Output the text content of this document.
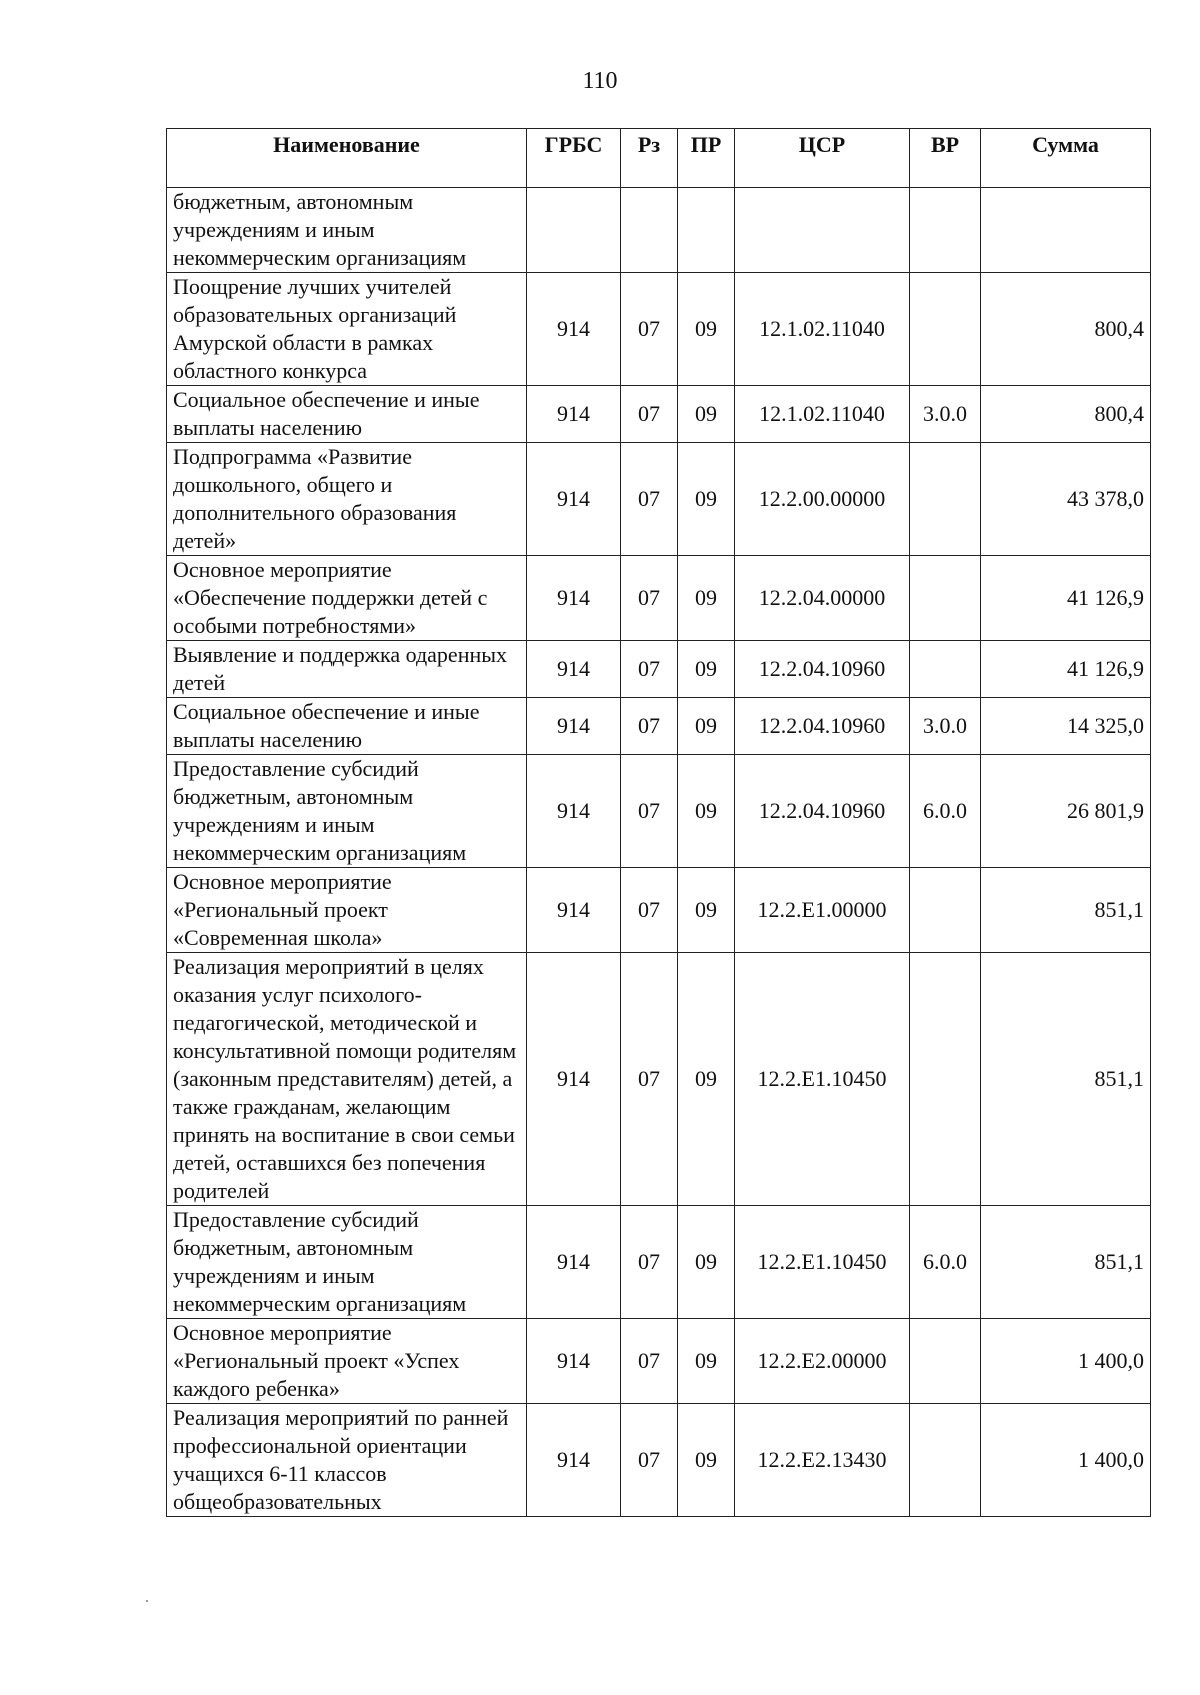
110
Наименование	ГРБС	Рз	ПР	ЦСР	ВР	Сумма
бюджетным, автономным учреждениям и иным некоммерческим организациям						
Поощрение лучших учителей образовательных организаций Амурской области в рамках областного конкурса	914	07	09	12.1.02.11040		800,4
Социальное обеспечение и иные выплаты населению	914	07	09	12.1.02.11040	3.0.0	800,4
Подпрограмма «Развитие дошкольного, общего и дополнительного образования детей»	914	07	09	12.2.00.00000		43 378,0
Основное мероприятие «Обеспечение поддержки детей с особыми потребностями»	914	07	09	12.2.04.00000		41 126,9
Выявление и поддержка одаренных детей	914	07	09	12.2.04.10960		41 126,9
Социальное обеспечение и иные выплаты населению	914	07	09	12.2.04.10960	3.0.0	14 325,0
Предоставление субсидий бюджетным, автономным учреждениям и иным некоммерческим организациям	914	07	09	12.2.04.10960	6.0.0	26 801,9
Основное мероприятие «Региональный проект «Современная школа»	914	07	09	12.2.E1.00000		851,1
Реализация мероприятий в целях оказания услуг психолого-педагогической, методической и консультативной помощи родителям (законным представителям) детей, а также гражданам, желающим принять на воспитание в свои семьи детей, оставшихся без попечения родителей	914	07	09	12.2.E1.10450		851,1
Предоставление субсидий бюджетным, автономным учреждениям и иным некоммерческим организациям	914	07	09	12.2.E1.10450	6.0.0	851,1
Основное мероприятие «Региональный проект «Успех каждого ребенка»	914	07	09	12.2.E2.00000		1 400,0
Реализация мероприятий по ранней профессиональной ориентации учащихся 6-11 классов общеобразовательных	914	07	09	12.2.E2.13430		1 400,0
